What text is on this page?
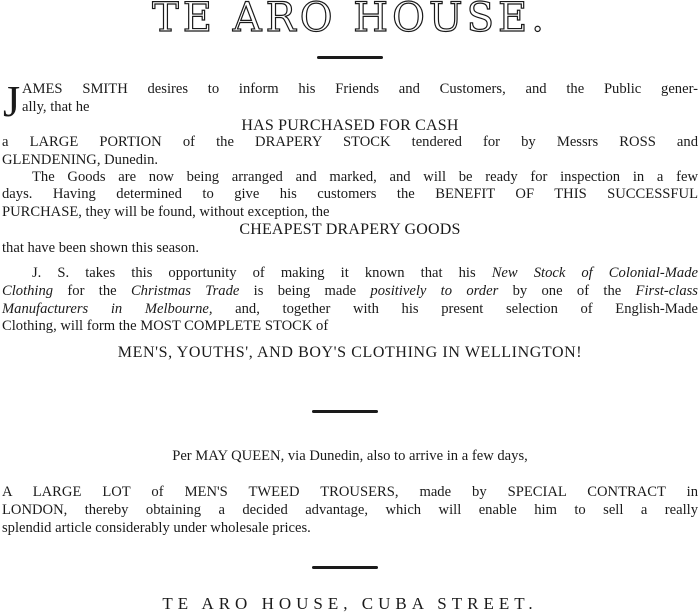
TE ARO HOUSE.
J AMES SMITH desires to inform his Friends and Customers, and the Public gener-
ally, that he
HAS PURCHASED FOR CASH
a LARGE PORTION of the DRAPERY STOCK tendered for by Messrs ROSS and
GLENDENING, Dunedin.
The Goods are now being arranged and marked, and will be ready for inspection in a few
days. Having determined to give his customers the BENEFIT OF THIS SUCCESSFUL
PURCHASE, they will be found, without exception, the
CHEAPEST DRAPERY GOODS
that have been shown this season.
J. S. takes this opportunity of making it known that his New Stock of Colonial-Made
Clothing for the Christmas Trade is being made positively to order by one of the First-class
Manufacturers in Melbourne, and, together with his present selection of English-Made
Clothing, will form the MOST COMPLETE STOCK of
MEN'S, YOUTHS', AND BOY'S CLOTHING IN WELLINGTON!
Per MAY QUEEN, via Dunedin, also to arrive in a few days,
A LARGE LOT of MEN'S TWEED TROUSERS, made by SPECIAL CONTRACT in
LONDON, thereby obtaining a decided advantage, which will enable him to sell a really
splendid article considerably under wholesale prices.
TE ARO HOUSE, CUBA STREET.
